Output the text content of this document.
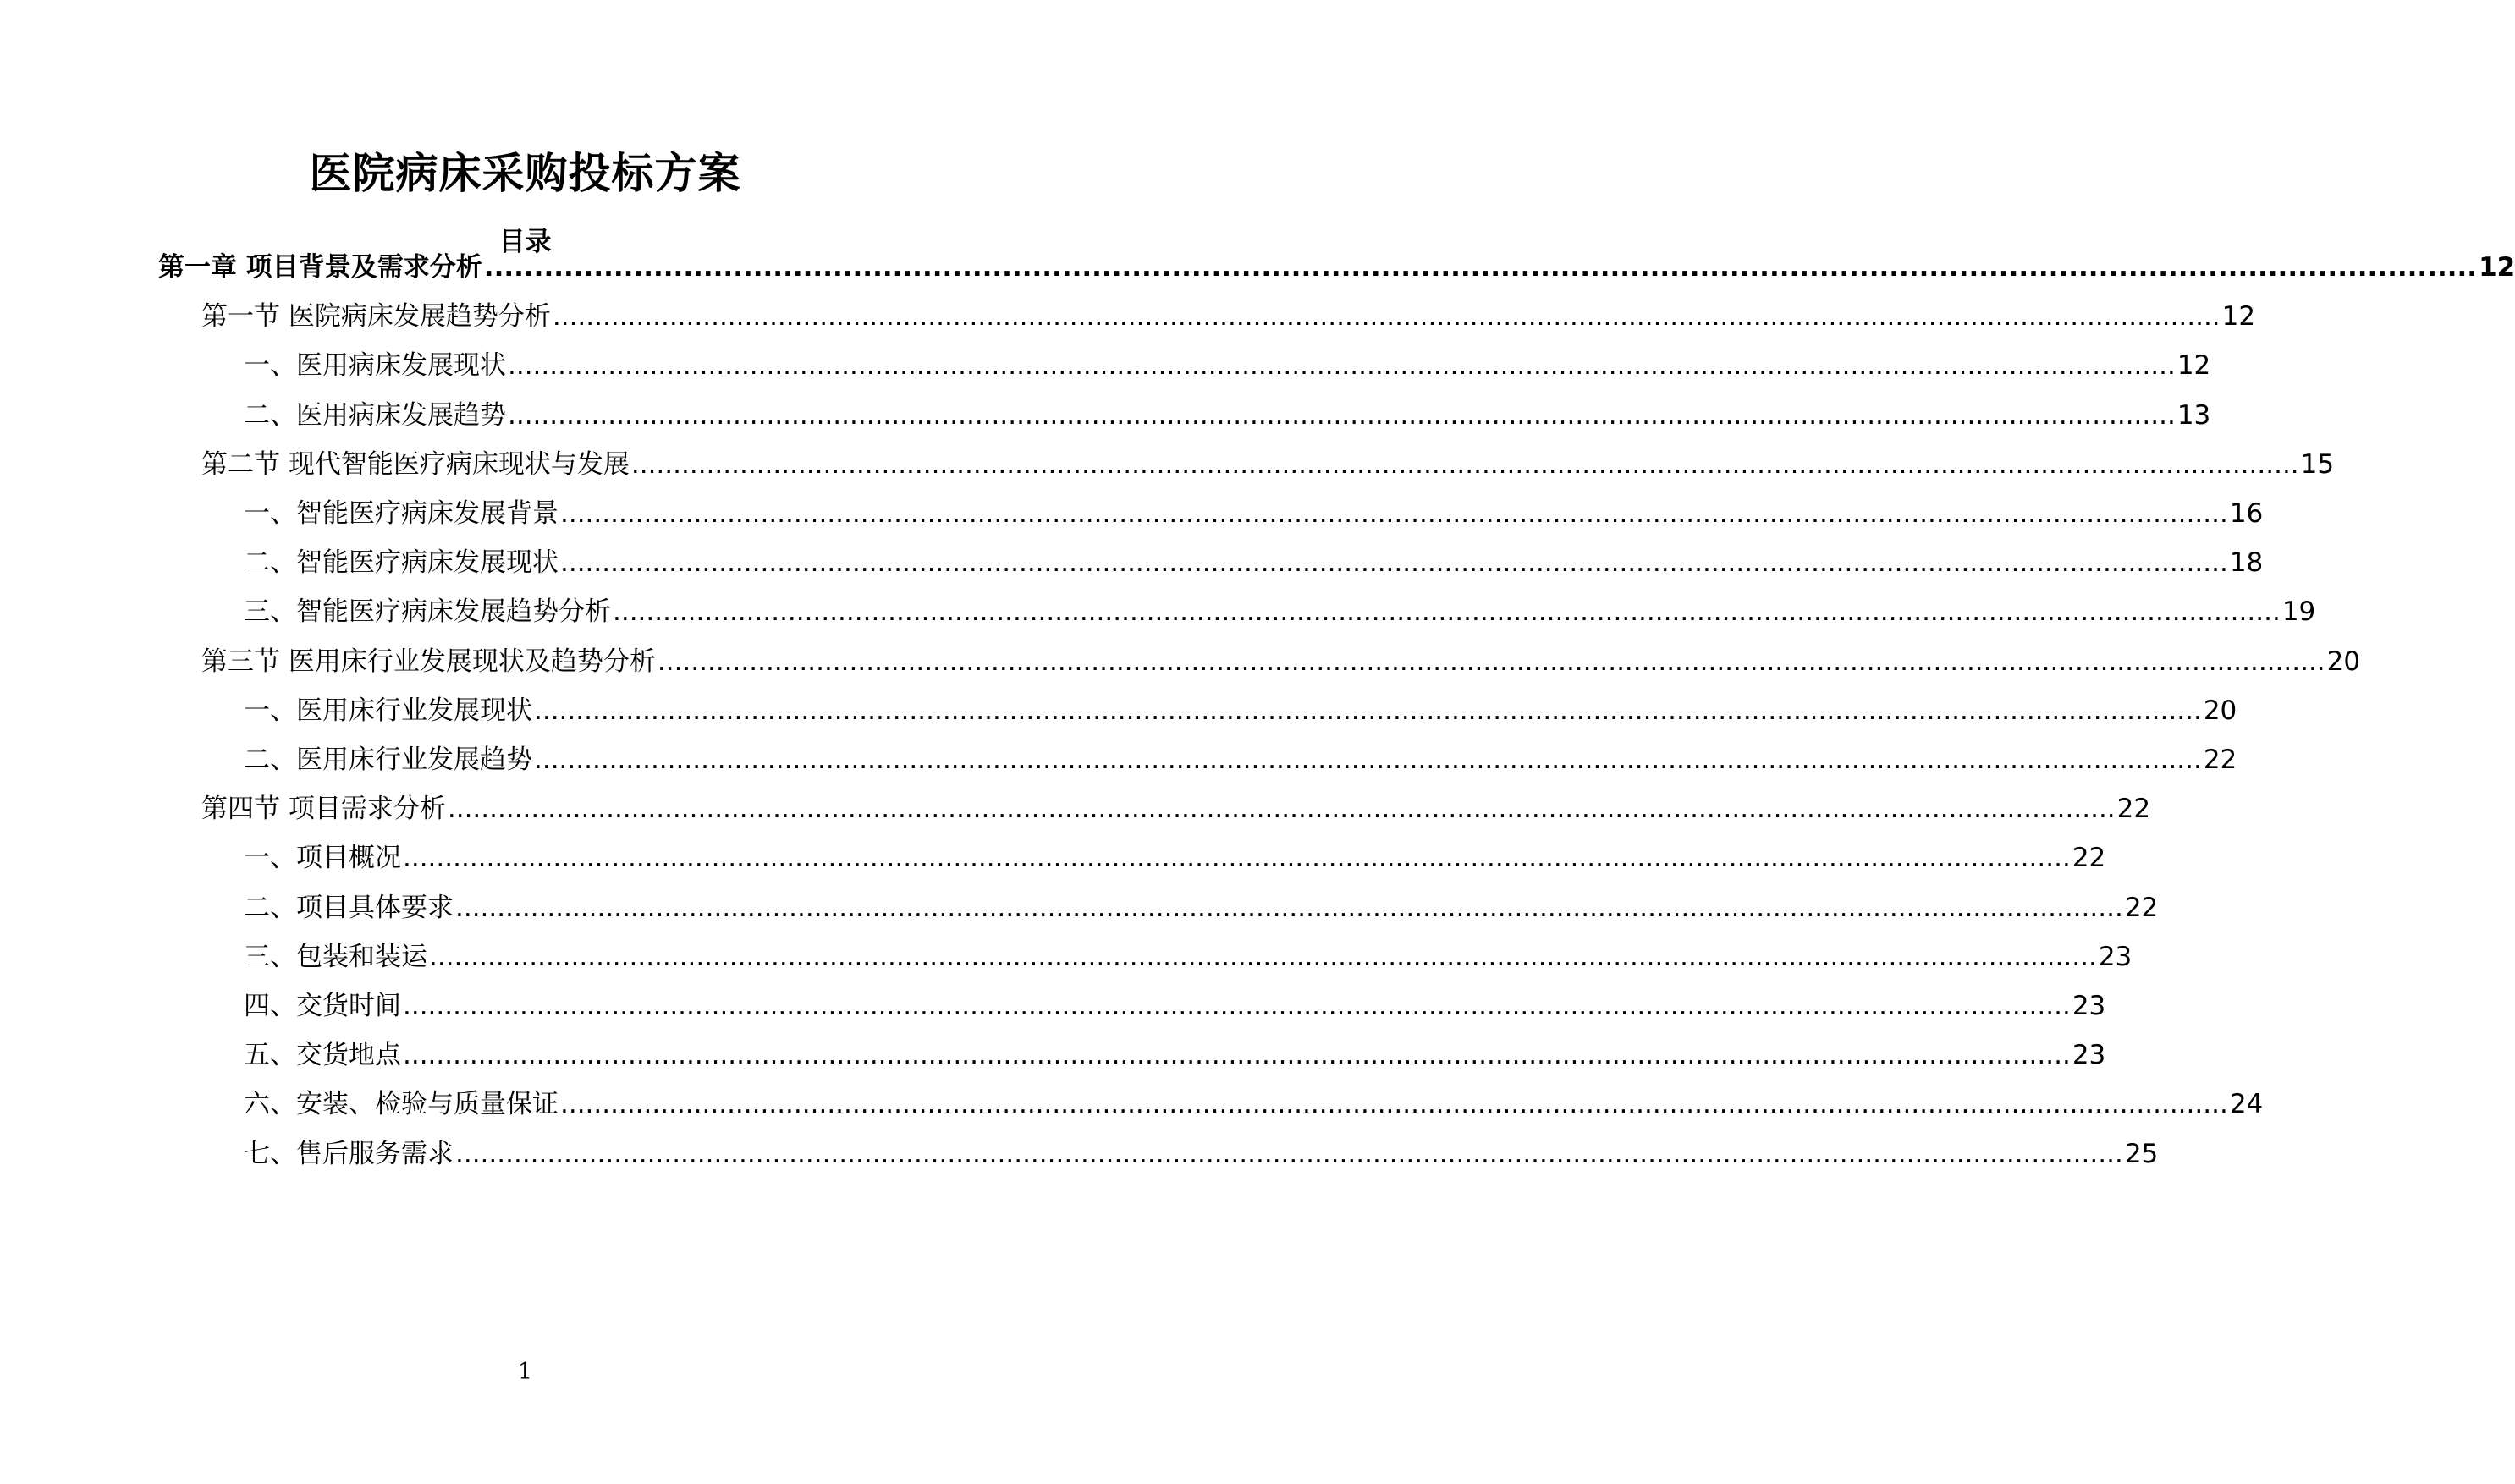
医院病床采购投标方案
目录
第一章 项目背景及需求分析 ........................................................................................................................................................................................................ 12
第一节 医院病床发展趋势分析 ........................................................................................................................................................................................................ 12
一、医用病床发展现状 ........................................................................................................................................................................................................ 12
二、医用病床发展趋势 ........................................................................................................................................................................................................ 13
第二节 现代智能医疗病床现状与发展 ........................................................................................................................................................................................................ 15
一、智能医疗病床发展背景 ........................................................................................................................................................................................................ 16
二、智能医疗病床发展现状 ........................................................................................................................................................................................................ 18
三、智能医疗病床发展趋势分析 ........................................................................................................................................................................................................ 19
第三节 医用床行业发展现状及趋势分析 ........................................................................................................................................................................................................ 20
一、医用床行业发展现状 ........................................................................................................................................................................................................ 20
二、医用床行业发展趋势 ........................................................................................................................................................................................................ 22
第四节 项目需求分析 ........................................................................................................................................................................................................ 22
一、项目概况 ........................................................................................................................................................................................................ 22
二、项目具体要求 ........................................................................................................................................................................................................ 22
三、包装和装运 ........................................................................................................................................................................................................ 23
四、交货时间 ........................................................................................................................................................................................................ 23
五、交货地点 ........................................................................................................................................................................................................ 23
六、安装、检验与质量保证 ........................................................................................................................................................................................................ 24
七、售后服务需求 ........................................................................................................................................................................................................ 25
1
